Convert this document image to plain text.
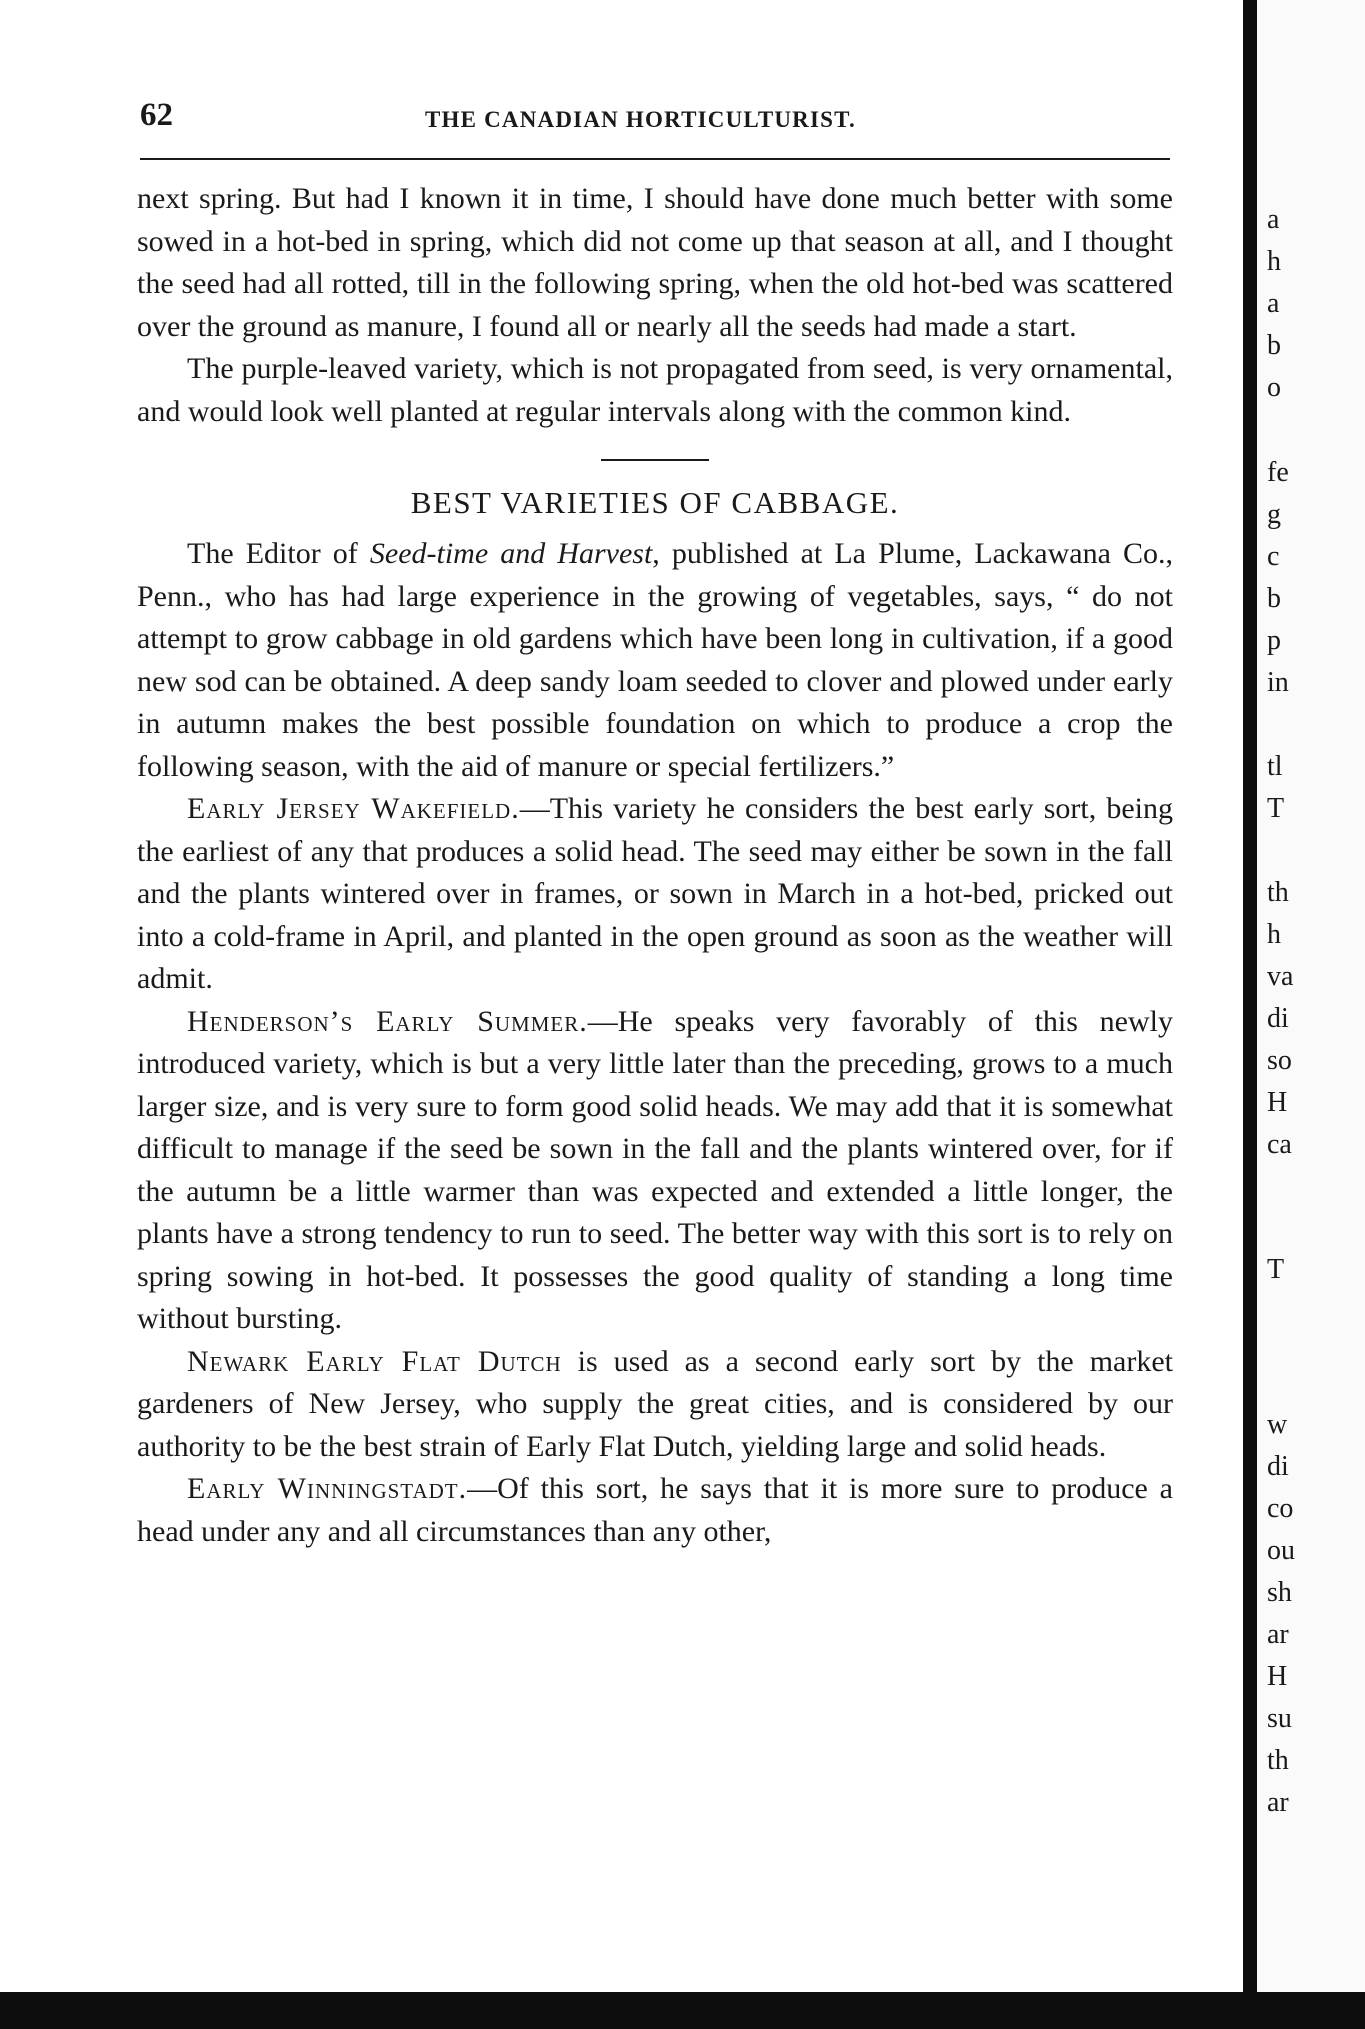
62	THE CANADIAN HORTICULTURIST.

next spring. But had I known it in time, I should have done much better with some sowed in a hot-bed in spring, which did not come up that season at all, and I thought the seed had all rotted, till in the following spring, when the old hot-bed was scattered over the ground as manure, I found all or nearly all the seeds had made a start.

The purple-leaved variety, which is not propagated from seed, is very ornamental, and would look well planted at regular intervals along with the common kind.

BEST VARIETIES OF CABBAGE.

The Editor of Seed-time and Harvest, published at La Plume, Lackawana Co., Penn., who has had large experience in the growing of vegetables, says, “ do not attempt to grow cabbage in old gardens which have been long in cultivation, if a good new sod can be obtained. A deep sandy loam seeded to clover and plowed under early in autumn makes the best possible foundation on which to produce a crop the following season, with the aid of manure or special fertilizers.”

Early Jersey Wakefield.—This variety he considers the best early sort, being the earliest of any that produces a solid head. The seed may either be sown in the fall and the plants wintered over in frames, or sown in March in a hot-bed, pricked out into a cold-frame in April, and planted in the open ground as soon as the weather will admit.

Henderson’s Early Summer.—He speaks very favorably of this newly introduced variety, which is but a very little later than the preceding, grows to a much larger size, and is very sure to form good solid heads. We may add that it is somewhat difficult to manage if the seed be sown in the fall and the plants wintered over, for if the autumn be a little warmer than was expected and extended a little longer, the plants have a strong tendency to run to seed. The better way with this sort is to rely on spring sowing in hot-bed. It possesses the good quality of standing a long time without bursting.

Newark Early Flat Dutch is used as a second early sort by the market gardeners of New Jersey, who supply the great cities, and is considered by our authority to be the best strain of Early Flat Dutch, yielding large and solid heads.

Early Winningstadt.—Of this sort, he says that it is more sure to produce a head under any and all circumstances than any other,

a
h
a
b
o
fe
g
c
b
p
in
tl
T
th
h
va
di
so
H
ca
T
w
di
co
ou
sh
ar
H
su
th
ar
